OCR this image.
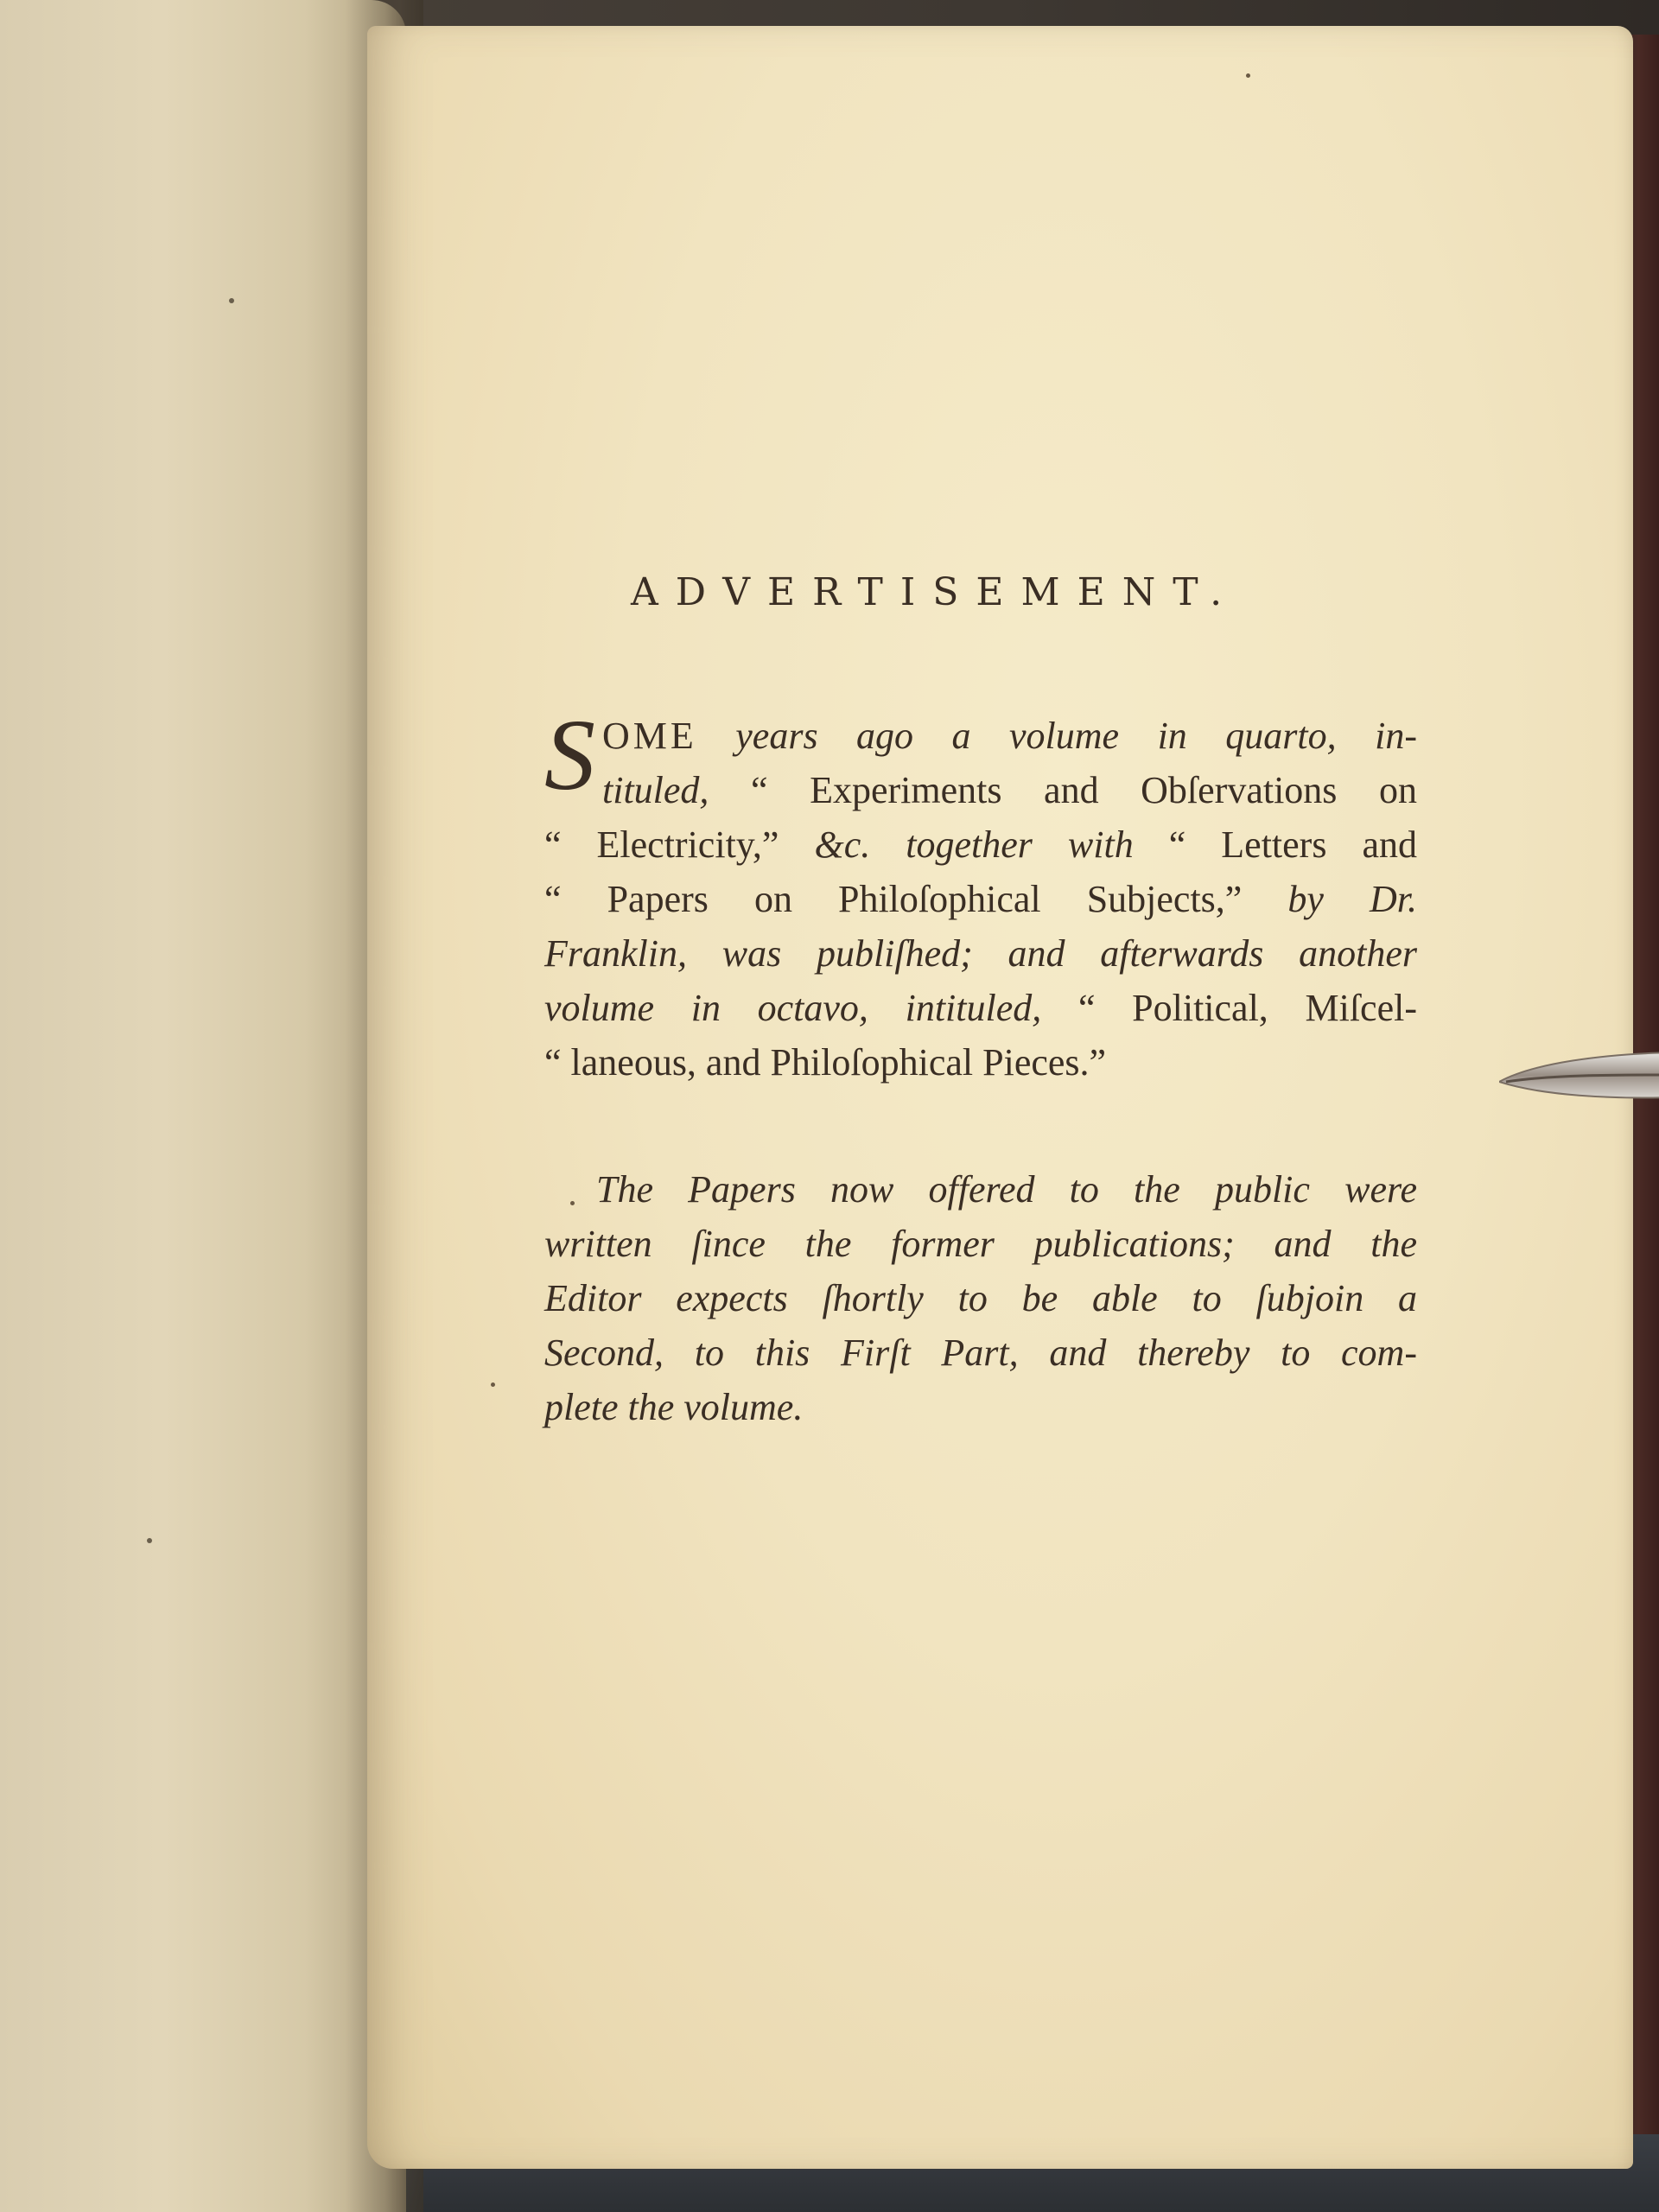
ADVERTISEMENT.
S OME years ago a volume in quarto, in-
tituled, “ Experiments and Obſervations on
“ Electricity,” &c. together with “ Letters and
“ Papers on Philoſophical Subjects,” by Dr.
Franklin, was publiſhed; and afterwards another
volume in octavo, intituled, “ Political, Miſcel-
“ laneous, and Philoſophical Pieces.”
The Papers now offered to the public were
written ſince the former publications; and the
Editor expects ſhortly to be able to ſubjoin a
Second, to this Firſt Part, and thereby to com-
plete the volume.
